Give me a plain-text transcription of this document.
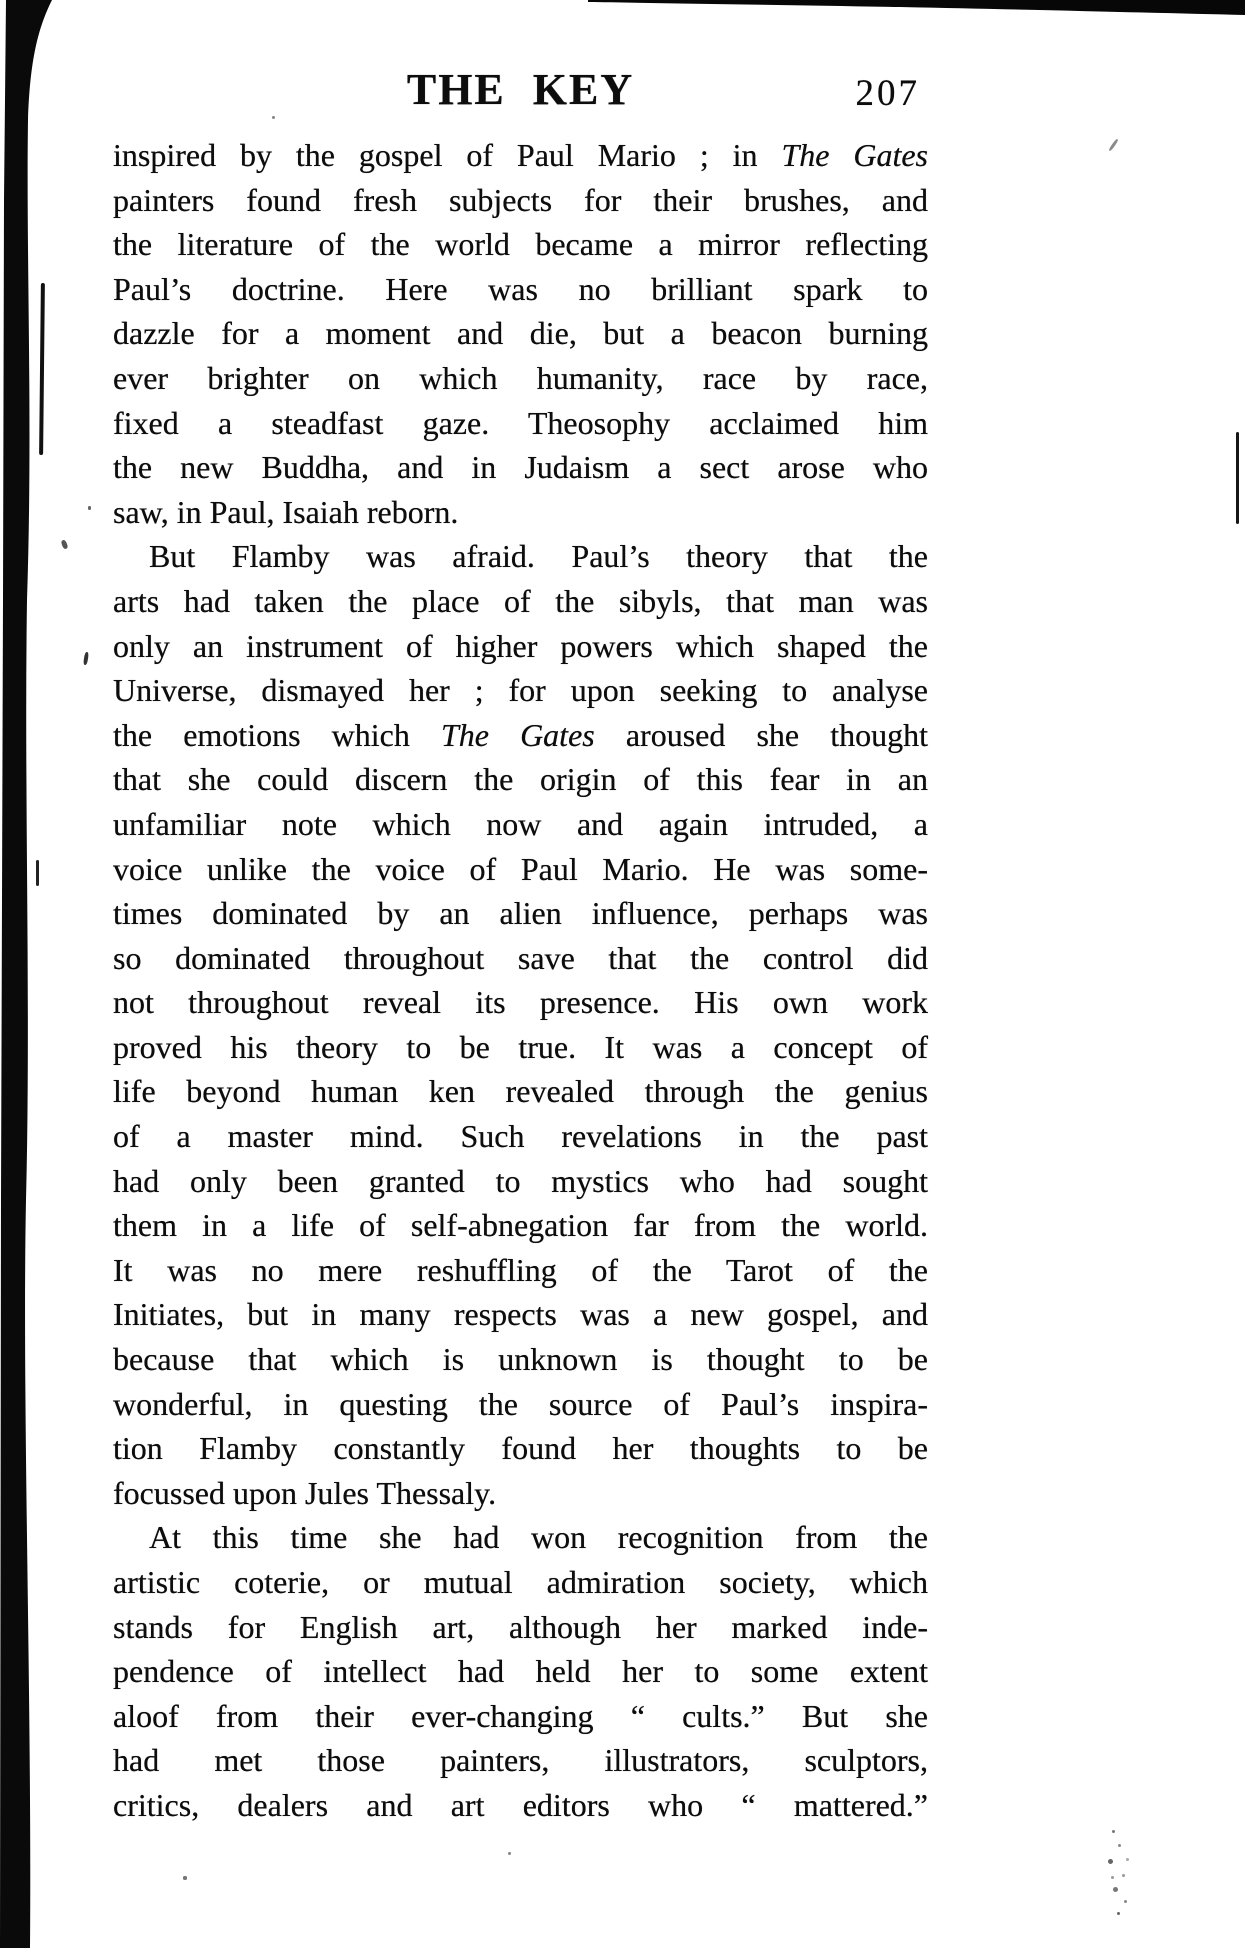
THE KEY	207
inspired by the gospel of Paul Mario ; in The Gates
painters found fresh subjects for their brushes, and
the literature of the world became a mirror reflecting
Paul’s doctrine. Here was no brilliant spark to
dazzle for a moment and die, but a beacon burning
ever brighter on which humanity, race by race,
fixed a steadfast gaze. Theosophy acclaimed him
the new Buddha, and in Judaism a sect arose who
saw, in Paul, Isaiah reborn.
But Flamby was afraid. Paul’s theory that the
arts had taken the place of the sibyls, that man was
only an instrument of higher powers which shaped the
Universe, dismayed her ; for upon seeking to analyse
the emotions which The Gates aroused she thought
that she could discern the origin of this fear in an
unfamiliar note which now and again intruded, a
voice unlike the voice of Paul Mario. He was some-
times dominated by an alien influence, perhaps was
so dominated throughout save that the control did
not throughout reveal its presence. His own work
proved his theory to be true. It was a concept of
life beyond human ken revealed through the genius
of a master mind. Such revelations in the past
had only been granted to mystics who had sought
them in a life of self-abnegation far from the world.
It was no mere reshuffling of the Tarot of the
Initiates, but in many respects was a new gospel, and
because that which is unknown is thought to be
wonderful, in questing the source of Paul’s inspira-
tion Flamby constantly found her thoughts to be
focussed upon Jules Thessaly.
At this time she had won recognition from the
artistic coterie, or mutual admiration society, which
stands for English art, although her marked inde-
pendence of intellect had held her to some extent
aloof from their ever-changing “ cults.” But she
had met those painters, illustrators, sculptors,
critics, dealers and art editors who “ mattered.”
